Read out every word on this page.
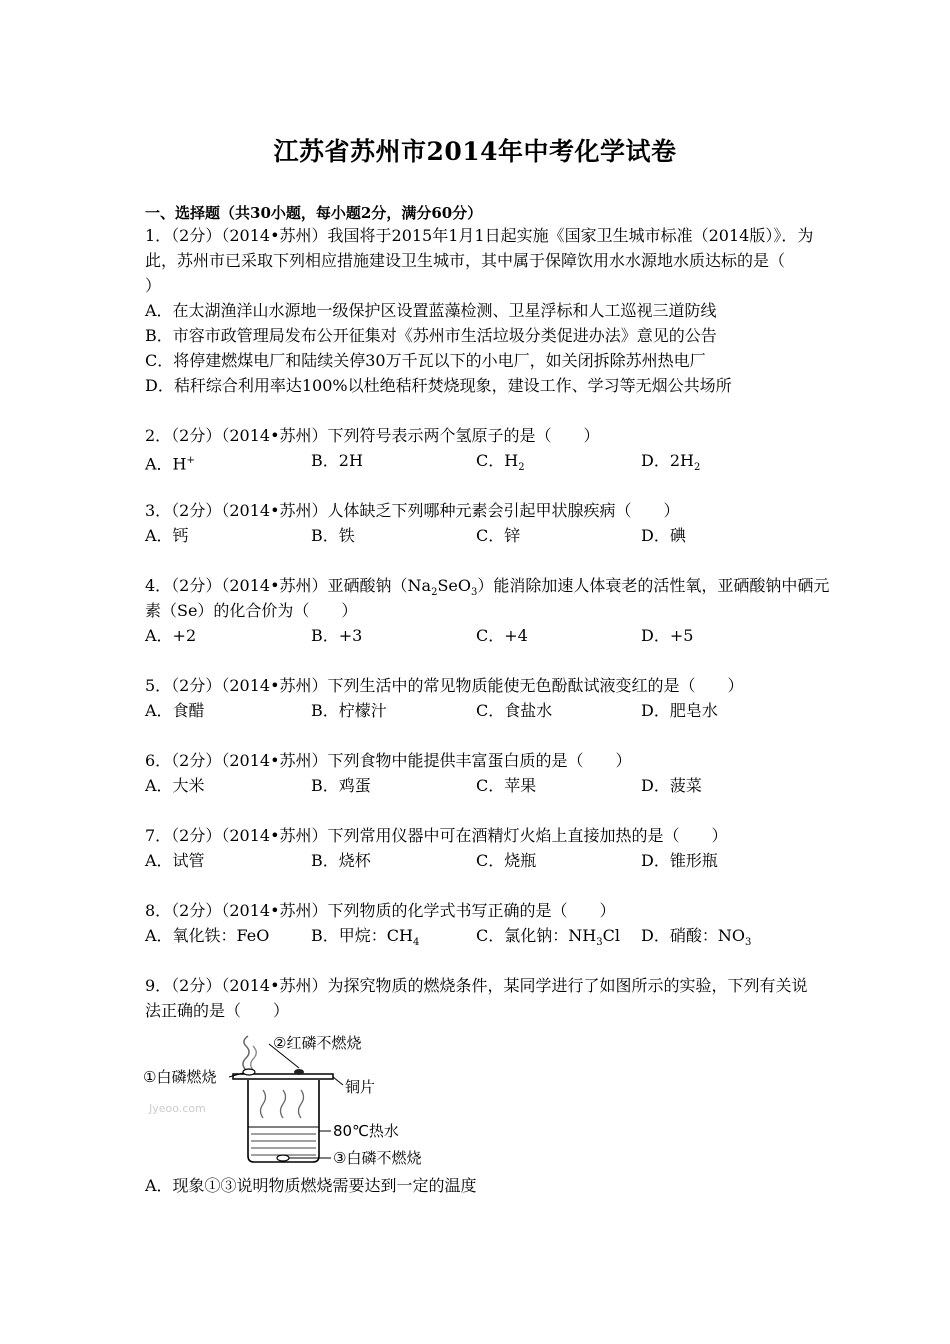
江苏省苏州市2014年中考化学试卷
一、选择题（共30小题，每小题2分，满分60分）
1．（2分）（2014•苏州）我国将于2015年1月1日起实施《国家卫生城市标准（2014版）》．为
此，苏州市已采取下列相应措施建设卫生城市，其中属于保障饮用水水源地水质达标的是（
）
A．在太湖渔洋山水源地一级保护区设置蓝藻检测、卫星浮标和人工巡视三道防线
B．市容市政管理局发布公开征集对《苏州市生活垃圾分类促进办法》意见的公告
C．将停建燃煤电厂和陆续关停30万千瓦以下的小电厂，如关闭拆除苏州热电厂
D．秸秆综合利用率达100%以杜绝秸秆焚烧现象，建设工作、学习等无烟公共场所
2．（2分）（2014•苏州）下列符号表示两个氢原子的是（　　）
A．H+	B．2H	C．$H_2$	D．$2H_2$
3．（2分）（2014•苏州）人体缺乏下列哪种元素会引起甲状腺疾病（　　）
A．钙	B．铁	C．锌	D．碘
4．（2分）（2014•苏州）亚硒酸钠$(Na_2SeO_3)$能消除加速人体衰老的活性氧，亚硒酸钠中硒元
素（Se）的化合价为（　　）
A．+2	B．+3	C．+4	D．+5
5．（2分）（2014•苏州）下列生活中的常见物质能使无色酚酞试液变红的是（　　）
A．食醋	B．柠檬汁	C．食盐水	D．肥皂水
6．（2分）（2014•苏州）下列食物中能提供丰富蛋白质的是（　　）
A．大米	B．鸡蛋	C．苹果	D．菠菜
7．（2分）（2014•苏州）下列常用仪器中可在酒精灯火焰上直接加热的是（　　）
A．试管	B．烧杯	C．烧瓶	D．锥形瓶
8．（2分）（2014•苏州）下列物质的化学式书写正确的是（　　）
A．氧化铁：FeO	B．甲烷：$CH_4$	C．氯化钠：$NH_3Cl$ D．硝酸：$NO_3$
9．（2分）（2014•苏州）为探究物质的燃烧条件，某同学进行了如图所示的实验，下列有关说
法正确的是（　　）
②红磷不燃烧
①白磷燃烧
铜片
80℃热水
③白磷不燃烧
Jyeoo.com
A．现象①③说明物质燃烧需要达到一定的温度
